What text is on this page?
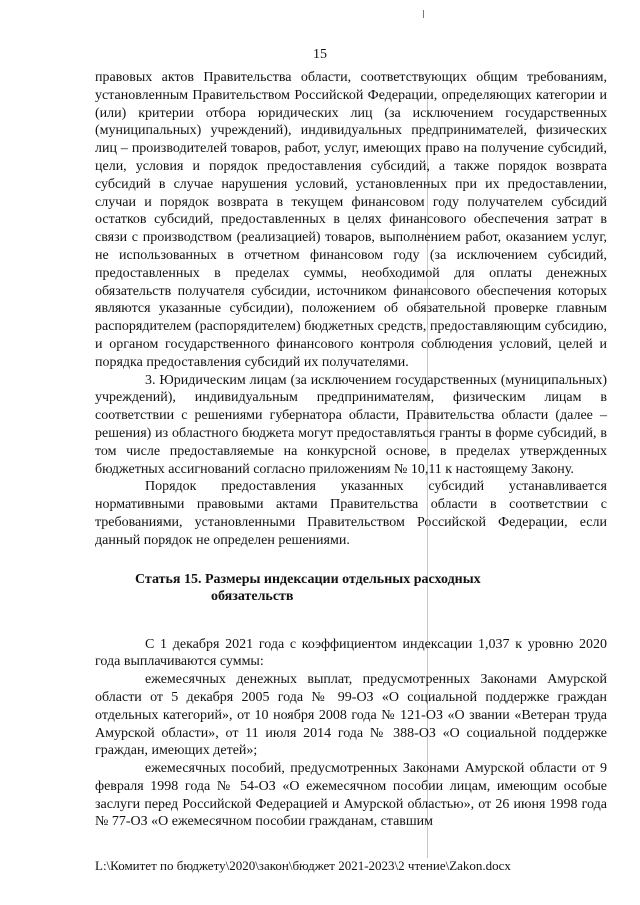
15

правовых актов Правительства области, соответствующих общим требованиям, установленным Правительством Российской Федерации, определяющих категории и (или) критерии отбора юридических лиц (за исключением государственных (муниципальных) учреждений), индивидуальных предпринимателей, физических лиц – производителей товаров, работ, услуг, имеющих право на получение субсидий, цели, условия и порядок предоставления субсидий, а также порядок возврата субсидий в случае нарушения условий, установленных при их предоставлении, случаи и порядок возврата в текущем финансовом году получателем субсидий остатков субсидий, предоставленных в целях финансового обеспечения затрат в связи с производством (реализацией) товаров, выполнением работ, оказанием услуг, не использованных в отчетном финансовом году (за исключением субсидий, предоставленных в пределах суммы, необходимой для оплаты денежных обязательств получателя субсидии, источником финансового обеспечения которых являются указанные субсидии), положением об обязательной проверке главным распорядителем (распорядителем) бюджетных средств, предоставляющим субсидию, и органом государственного финансового контроля соблюдения условий, целей и порядка предоставления субсидий их получателями.

3. Юридическим лицам (за исключением государственных (муниципальных) учреждений), индивидуальным предпринимателям, физическим лицам в соответствии с решениями губернатора области, Правительства области (далее – решения) из областного бюджета могут предоставляться гранты в форме субсидий, в том числе предоставляемые на конкурсной основе, в пределах утвержденных бюджетных ассигнований согласно приложениям № 10,11 к настоящему Закону.

Порядок предоставления указанных субсидий устанавливается нормативными правовыми актами Правительства области в соответствии с требованиями, установленными Правительством Российской Федерации, если данный порядок не определен решениями.

Статья 15. Размеры индексации отдельных расходных
обязательств

С 1 декабря 2021 года с коэффициентом индексации 1,037 к уровню 2020 года выплачиваются суммы:

ежемесячных денежных выплат, предусмотренных Законами Амурской области от 5 декабря 2005 года № 99-ОЗ «О социальной поддержке граждан отдельных категорий», от 10 ноября 2008 года № 121-ОЗ «О звании «Ветеран труда Амурской области», от 11 июля 2014 года № 388-ОЗ «О социальной поддержке граждан, имеющих детей»;

ежемесячных пособий, предусмотренных Законами Амурской области от 9 февраля 1998 года № 54-ОЗ «О ежемесячном пособии лицам, имеющим особые заслуги перед Российской Федерацией и Амурской областью», от 26 июня 1998 года № 77-ОЗ «О ежемесячном пособии гражданам, ставшим

L:\Комитет по бюджету\2020\закон\бюджет 2021-2023\2 чтение\Zakon.docx
